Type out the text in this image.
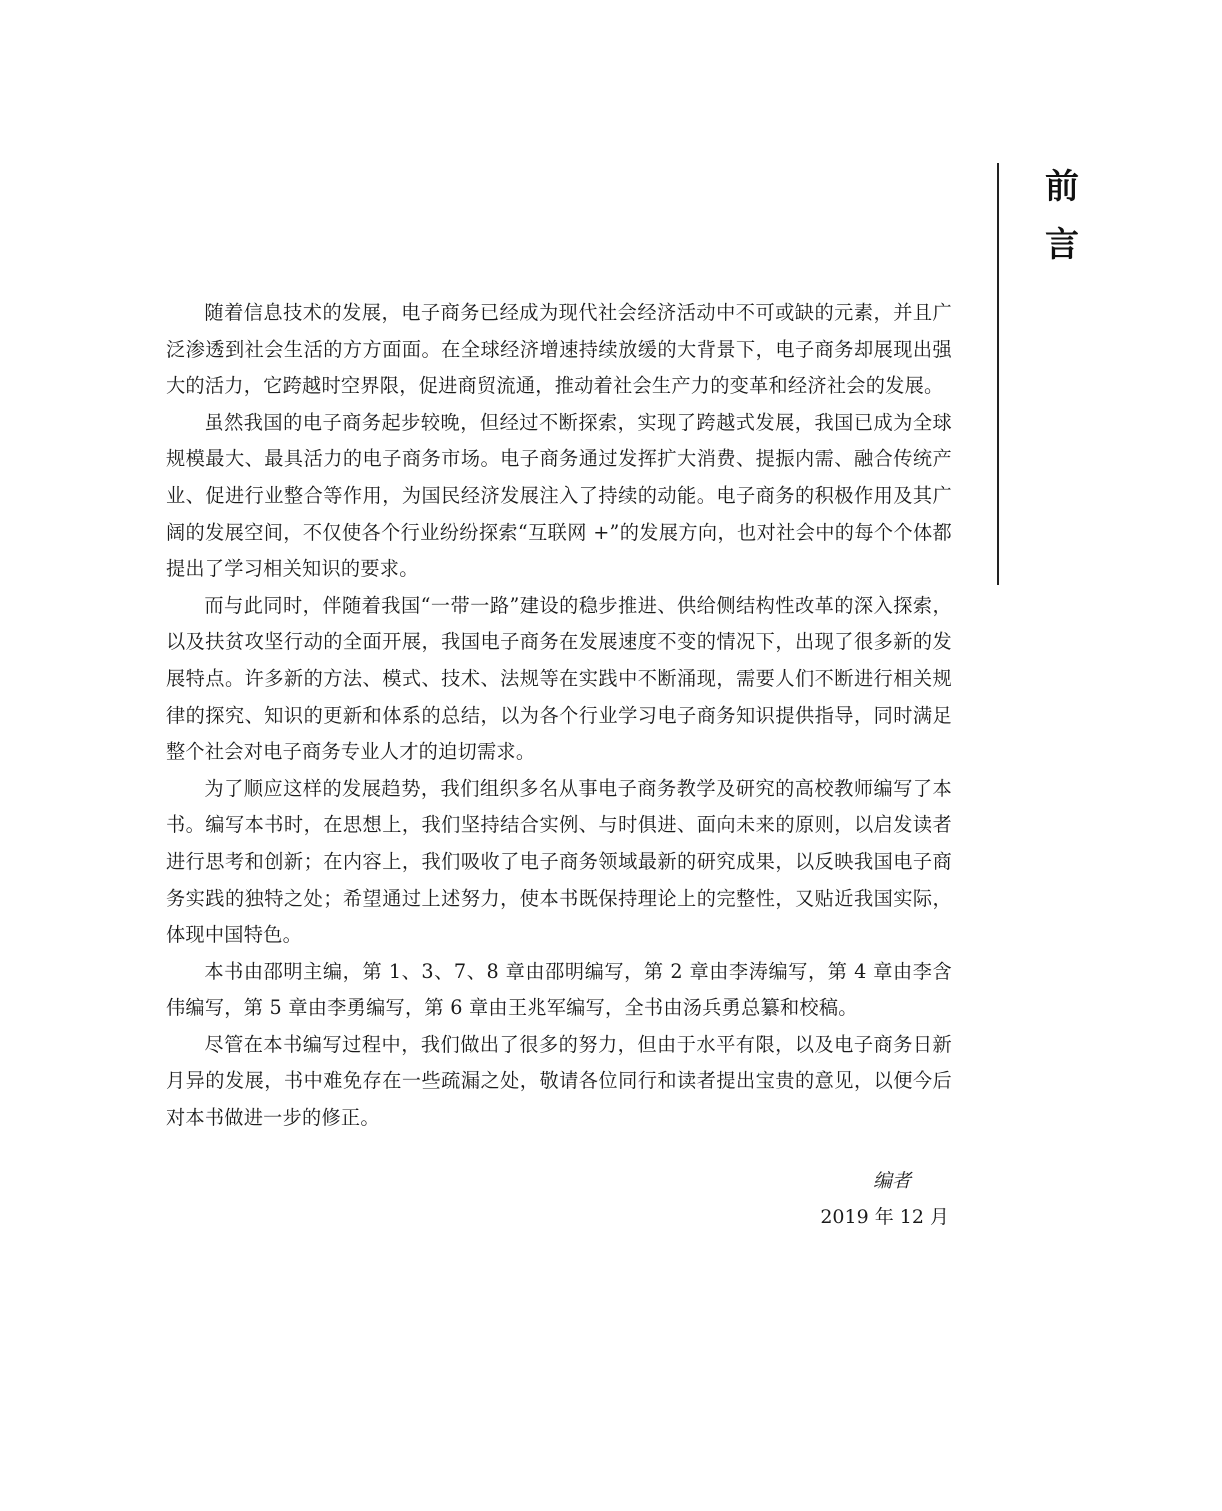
前
言

随着信息技术的发展，电子商务已经成为现代社会经济活动中不可或缺的元素，并且广泛渗透到社会生活的方方面面。在全球经济增速持续放缓的大背景下，电子商务却展现出强大的活力，它跨越时空界限，促进商贸流通，推动着社会生产力的变革和经济社会的发展。

虽然我国的电子商务起步较晚，但经过不断探索，实现了跨越式发展，我国已成为全球规模最大、最具活力的电子商务市场。电子商务通过发挥扩大消费、提振内需、融合传统产业、促进行业整合等作用，为国民经济发展注入了持续的动能。电子商务的积极作用及其广阔的发展空间，不仅使各个行业纷纷探索“互联网 +”的发展方向，也对社会中的每个个体都提出了学习相关知识的要求。

而与此同时，伴随着我国“一带一路”建设的稳步推进、供给侧结构性改革的深入探索，以及扶贫攻坚行动的全面开展，我国电子商务在发展速度不变的情况下，出现了很多新的发展特点。许多新的方法、模式、技术、法规等在实践中不断涌现，需要人们不断进行相关规律的探究、知识的更新和体系的总结，以为各个行业学习电子商务知识提供指导，同时满足整个社会对电子商务专业人才的迫切需求。

为了顺应这样的发展趋势，我们组织多名从事电子商务教学及研究的高校教师编写了本书。编写本书时，在思想上，我们坚持结合实例、与时俱进、面向未来的原则，以启发读者进行思考和创新；在内容上，我们吸收了电子商务领域最新的研究成果，以反映我国电子商务实践的独特之处；希望通过上述努力，使本书既保持理论上的完整性，又贴近我国实际，体现中国特色。

本书由邵明主编，第 1、3、7、8 章由邵明编写，第 2 章由李涛编写，第 4 章由李含伟编写，第 5 章由李勇编写，第 6 章由王兆军编写，全书由汤兵勇总纂和校稿。

尽管在本书编写过程中，我们做出了很多的努力，但由于水平有限，以及电子商务日新月异的发展，书中难免存在一些疏漏之处，敬请各位同行和读者提出宝贵的意见，以便今后对本书做进一步的修正。

编者
2019 年 12 月
